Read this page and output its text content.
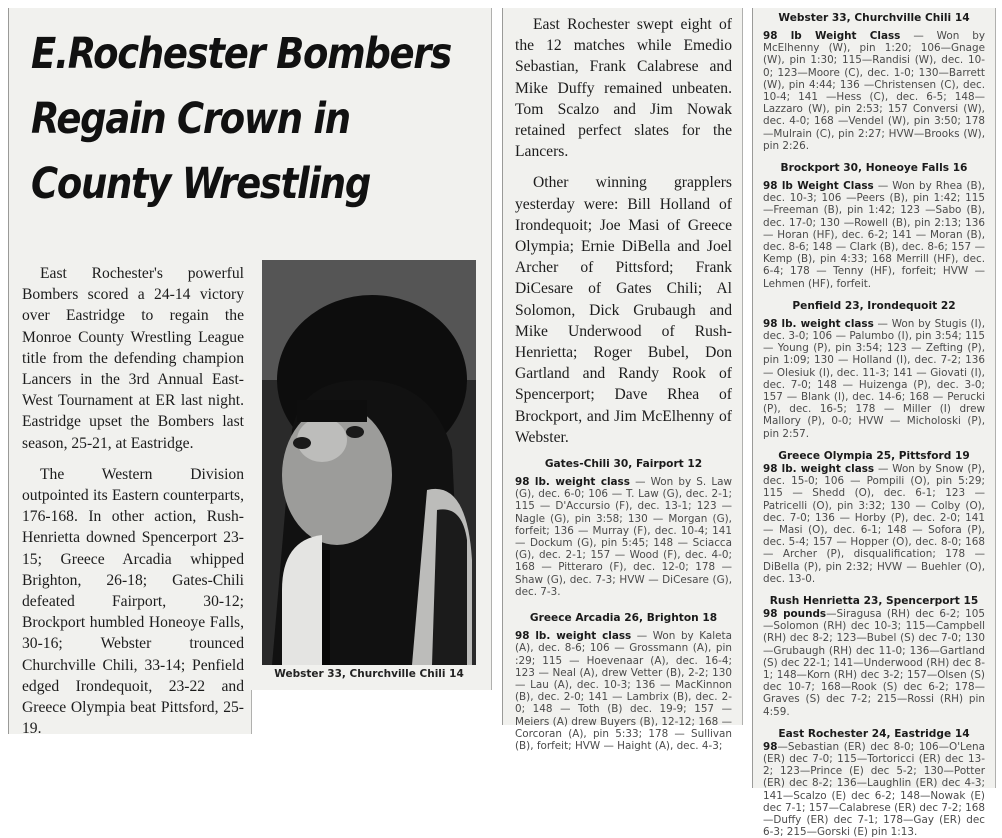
E.Rochester Bombers
Regain Crown in
County Wrestling

East Rochester's powerful Bombers scored a 24-14 victory over Eastridge to regain the Monroe County Wrestling League title from the defending champion Lancers in the 3rd Annual East-West Tournament at ER last night. Eastridge upset the Bombers last season, 25-21, at Eastridge.

The Western Division outpointed its Eastern counterparts, 176-168. In other action, Rush-Henrietta downed Spencerport 23-15; Greece Arcadia whipped Brighton, 26-18; Gates-Chili defeated Fairport, 30-12; Brockport humbled Honeoye Falls, 30-16; Webster trounced Churchville Chili, 33-14; Penfield edged Irondequoit, 23-22 and Greece Olympia beat Pittsford, 25-19.

Webster 33, Churchville Chili 14

East Rochester swept eight of the 12 matches while Emedio Sebastian, Frank Calabrese and Mike Duffy remained unbeaten. Tom Scalzo and Jim Nowak retained perfect slates for the Lancers.

Other winning grapplers yesterday were: Bill Holland of Irondequoit; Joe Masi of Greece Olympia; Ernie DiBella and Joel Archer of Pittsford; Frank DiCesare of Gates Chili; Al Solomon, Dick Grubaugh and Mike Underwood of Rush-Henrietta; Roger Bubel, Don Gartland and Randy Rook of Spencerport; Dave Rhea of Brockport, and Jim McElhenny of Webster.

Gates-Chili 30, Fairport 12

98 lb. weight class — Won by S. Law (G), dec. 6-0; 106 — T. Law (G), dec. 2-1; 115 — D'Accursio (F), dec. 13-1; 123 — Nagle (G), pin 3:58; 130 — Morgan (G), forfeit; 136 — Murray (F), dec. 10-4; 141 — Dockum (G), pin 5:45; 148 — Sciacca (G), dec. 2-1; 157 — Wood (F), dec. 4-0; 168 — Pitteraro (F), dec. 12-0; 178 — Shaw (G), dec. 7-3; HVW — DiCesare (G), dec. 7-3.

Greece Arcadia 26, Brighton 18

98 lb. weight class — Won by Kaleta (A), dec. 8-6; 106 — Grossmann (A), pin :29; 115 — Hoevenaar (A), dec. 16-4; 123 — Neal (A), drew Vetter (B), 2-2; 130 — Lau (A), dec. 10-3; 136 — MacKinnon (B), dec. 2-0; 141 — Lambrix (B), dec. 2-0; 148 — Toth (B) dec. 19-9; 157 — Meiers (A) drew Buyers (B), 12-12; 168 — Corcoran (A), pin 5:33; 178 — Sullivan (B), forfeit; HVW — Haight (A), dec. 4-3;

Webster 33, Churchville Chili 14

98 lb Weight Class — Won by McElhenny (W), pin 1:20; 106—Gnage (W), pin 1:30; 115—Randisi (W), dec. 10-0; 123—Moore (C), dec. 1-0; 130—Barrett (W), pin 4:44; 136 —Christensen (C), dec. 10-4; 141 —Hess (C), dec. 6-5; 148—Lazzaro (W), pin 2:53; 157 Conversi (W), dec. 4-0; 168 —Vendel (W), pin 3:50; 178—Mulrain (C), pin 2:27; HVW—Brooks (W), pin 2:26.

Brockport 30, Honeoye Falls 16

98 lb Weight Class — Won by Rhea (B), dec. 10-3; 106 —Peers (B), pin 1:42; 115—Freeman (B), pin 1:42; 123 —Sabo (B), dec. 17-0; 130 —Rowell (B), pin 2:13; 136 — Horan (HF), dec. 6-2; 141 — Moran (B), dec. 8-6; 148 — Clark (B), dec. 8-6; 157 — Kemp (B), pin 4:33; 168 Merrill (HF), dec. 6-4; 178 — Tenny (HF), forfeit; HVW — Lehmen (HF), forfeit.

Penfield 23, Irondequoit 22

98 lb. weight class — Won by Stugis (I), dec. 3-0; 106 — Palumbo (I), pin 3:54; 115 — Young (P), pin 3:54; 123 — Zefting (P), pin 1:09; 130 — Holland (I), dec. 7-2; 136 — Olesiuk (I), dec. 11-3; 141 — Giovati (I), dec. 7-0; 148 — Huizenga (P), dec. 3-0; 157 — Blank (I), dec. 14-6; 168 — Perucki (P), dec. 16-5; 178 — Miller (I) drew Mallory (P), 0-0; HVW — Micholoski (P), pin 2:57.

Greece Olympia 25, Pittsford 19

98 lb. weight class — Won by Snow (P), dec. 15-0; 106 — Pompili (O), pin 5:29; 115 — Shedd (O), dec. 6-1; 123 — Patricelli (O), pin 3:32; 130 — Colby (O), dec. 7-0; 136 — Horby (P), dec. 2-0; 141 — Masi (O), dec. 6-1; 148 — Sofora (P), dec. 5-4; 157 — Hopper (O), dec. 8-0; 168 — Archer (P), disqualification; 178 — DiBella (P), pin 2:32; HVW — Buehler (O), dec. 13-0.

Rush Henrietta 23, Spencerport 15

98 pounds—Siragusa (RH) dec 6-2; 105—Solomon (RH) dec 10-3; 115—Campbell (RH) dec 8-2; 123—Bubel (S) dec 7-0; 130—Grubaugh (RH) dec 11-0; 136—Gartland (S) dec 22-1; 141—Underwood (RH) dec 8-1; 148—Korn (RH) dec 3-2; 157—Olsen (S) dec 10-7; 168—Rook (S) dec 6-2; 178—Graves (S) dec 7-2; 215—Rossi (RH) pin 4:59.

East Rochester 24, Eastridge 14

98—Sebastian (ER) dec 8-0; 106—O'Lena (ER) dec 7-0; 115—Tortoricci (ER) dec 13-2; 123—Prince (E) dec 5-2; 130—Potter (ER) dec 8-2; 136—Laughlin (ER) dec 4-3; 141—Scalzo (E) dec 6-2; 148—Nowak (E) dec 7-1; 157—Calabrese (ER) dec 7-2; 168—Duffy (ER) dec 7-1; 178—Gay (ER) dec 6-3; 215—Gorski (E) pin 1:13.
